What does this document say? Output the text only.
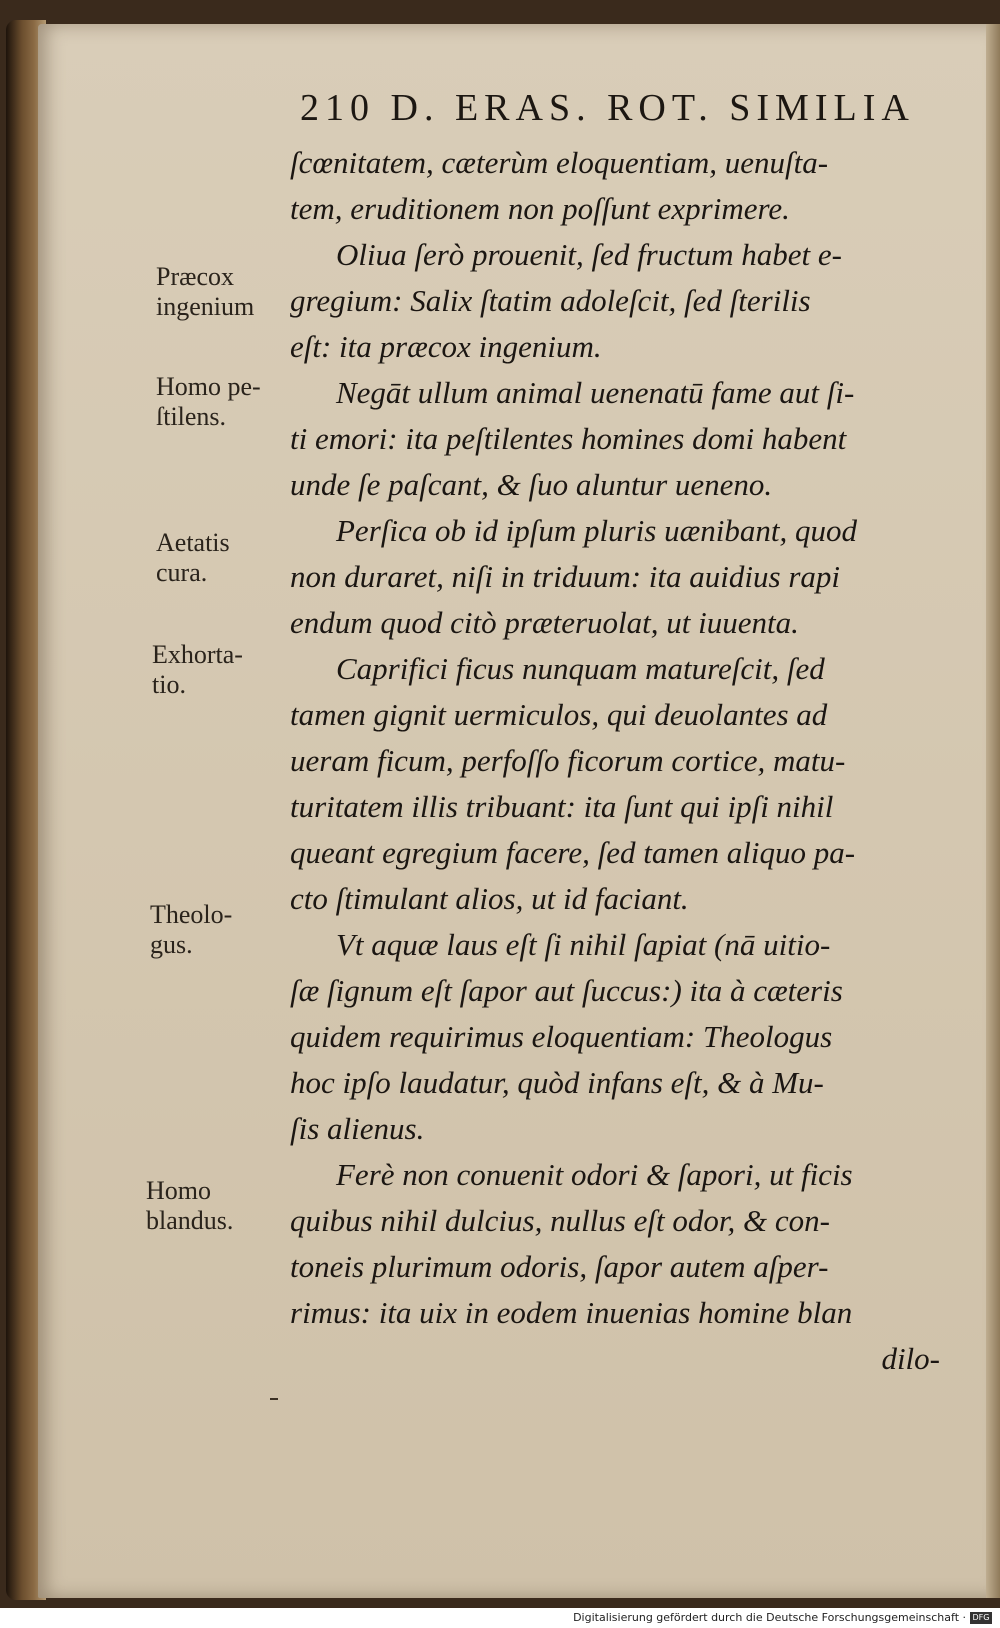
210 D. ERAS. ROT. SIMILIA
ſcœnitatem, cæterùm eloquentiam, uenuſta-
tem, eruditionem non poſſunt exprimere.
Oliua ſerò prouenit, ſed fructum habet e-
gregium: Salix ſtatim adoleſcit, ſed ſterilis
eſt: ita præcox ingenium.
Negāt ullum animal uenenatū fame aut ſi-
ti emori: ita peſtilentes homines domi habent
unde ſe paſcant, & ſuo aluntur ueneno.
Perſica ob id ipſum pluris uænibant, quod
non duraret, niſi in triduum: ita auidius rapi
endum quod citò præteruolat, ut iuuenta.
Caprifici ficus nunquam matureſcit, ſed
tamen gignit uermiculos, qui deuolantes ad
ueram ficum, perfoſſo ficorum cortice, matu-
turitatem illis tribuant: ita ſunt qui ipſi nihil
queant egregium facere, ſed tamen aliquo pa-
cto ſtimulant alios, ut id faciant.
Vt aquæ laus eſt ſi nihil ſapiat (nā uitio-
ſæ ſignum eſt ſapor aut ſuccus:) ita à cæteris
quidem requirimus eloquentiam: Theologus
hoc ipſo laudatur, quòd infans eſt, & à Mu-
ſis alienus.
Ferè non conuenit odori & ſapori, ut ficis
quibus nihil dulcius, nullus eſt odor, & con-
toneis plurimum odoris, ſapor autem aſper-
rimus: ita uix in eodem inuenias homine blan
dilo-
Præcox
ingenium
Homo pe-
ſtilens.
Aetatis
cura.
Exhorta-
tio.
Theolo-
gus.
Homo
blandus.
Digitalisierung gefördert durch die Deutsche Forschungsgemeinschaft · DFG
